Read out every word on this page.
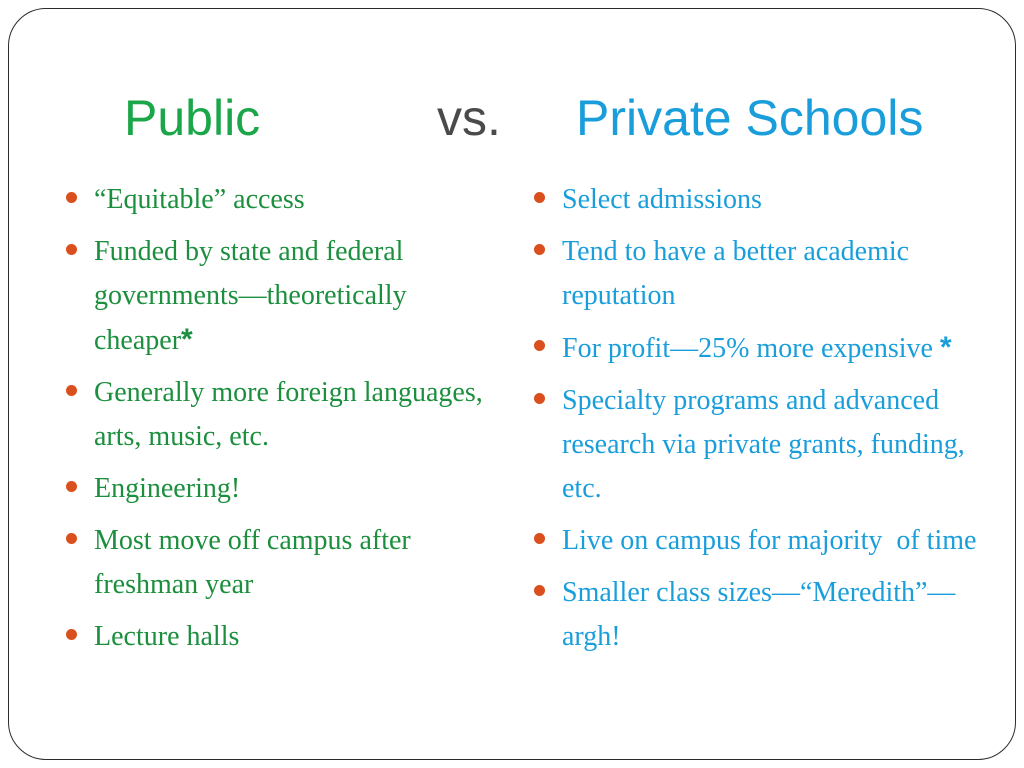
Public	vs. Private Schools
“Equitable” access
Funded by state and federal governments—theoretically cheaper*
Generally more foreign languages, arts, music, etc.
Engineering!
Most move off campus after freshman year
Lecture halls
Select admissions
Tend to have a better academic reputation
For profit—25% more expensive *
Specialty programs and advanced research via private grants, funding, etc.
Live on campus for majority  of time
Smaller class sizes—“Meredith”—argh!
